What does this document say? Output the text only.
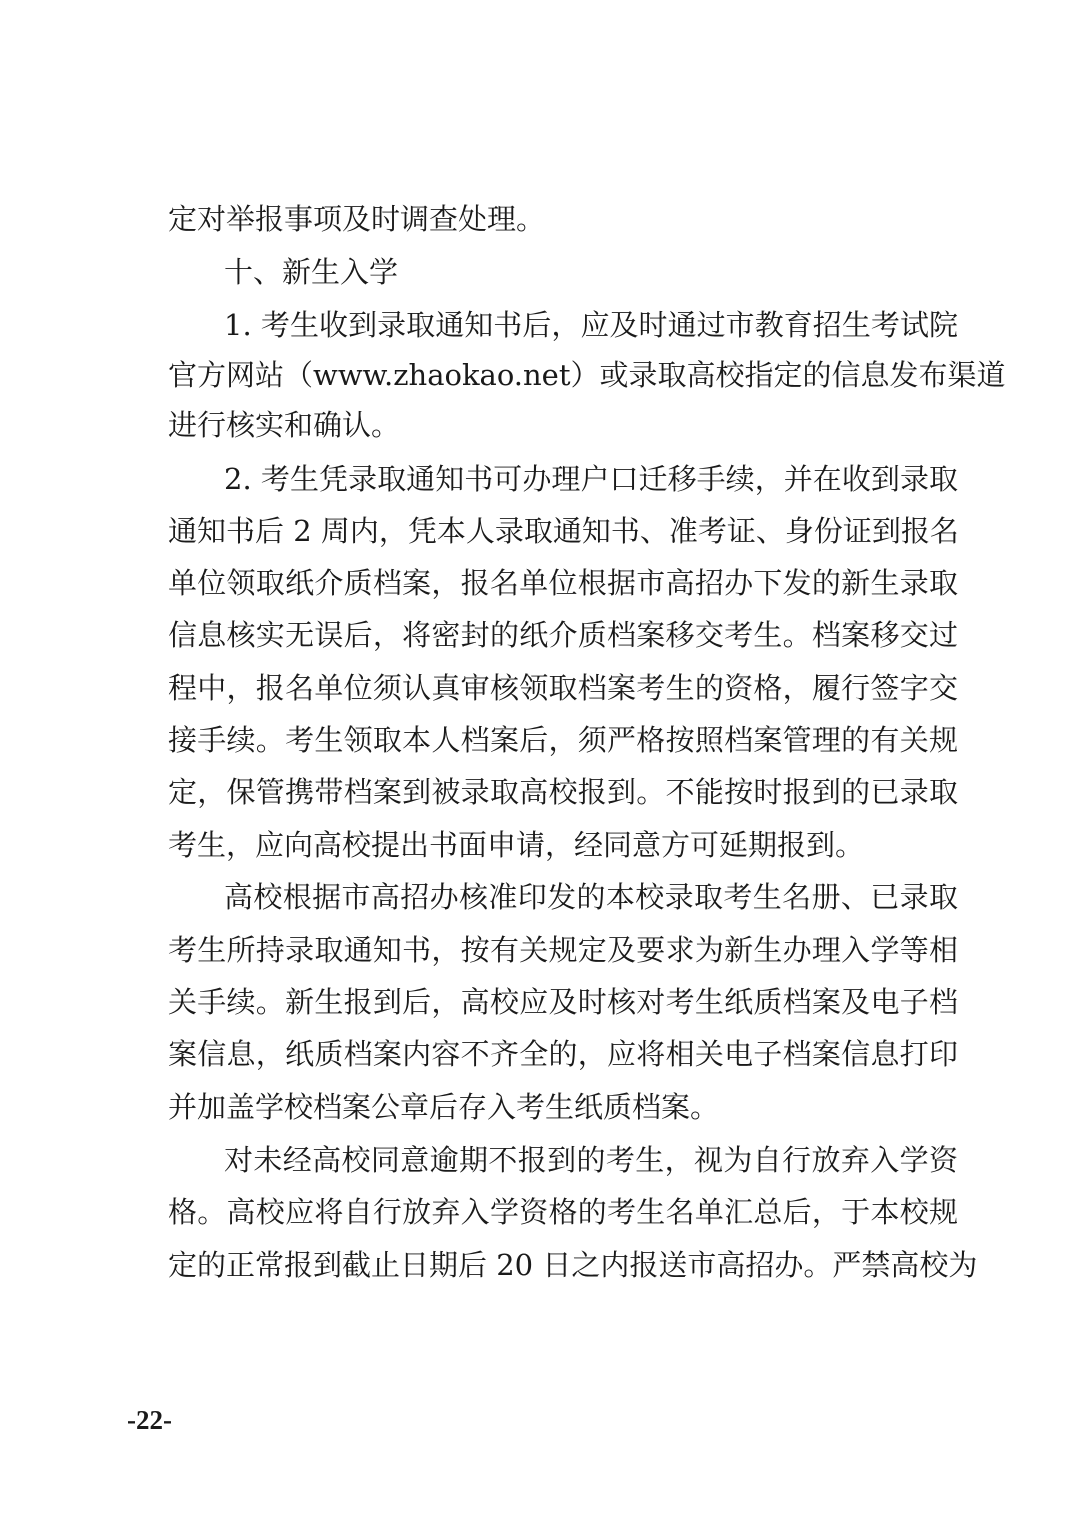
定对举报事项及时调查处理。
十、新生入学
1. 考生收到录取通知书后，应及时通过市教育招生考试院
官方网站（www.zhaokao.net）或录取高校指定的信息发布渠道
进行核实和确认。
2. 考生凭录取通知书可办理户口迁移手续，并在收到录取
通知书后 2 周内，凭本人录取通知书、准考证、身份证到报名
单位领取纸介质档案，报名单位根据市高招办下发的新生录取
信息核实无误后，将密封的纸介质档案移交考生。档案移交过
程中，报名单位须认真审核领取档案考生的资格，履行签字交
接手续。考生领取本人档案后，须严格按照档案管理的有关规
定，保管携带档案到被录取高校报到。不能按时报到的已录取
考生，应向高校提出书面申请，经同意方可延期报到。
高校根据市高招办核准印发的本校录取考生名册、已录取
考生所持录取通知书，按有关规定及要求为新生办理入学等相
关手续。新生报到后，高校应及时核对考生纸质档案及电子档
案信息，纸质档案内容不齐全的，应将相关电子档案信息打印
并加盖学校档案公章后存入考生纸质档案。
对未经高校同意逾期不报到的考生，视为自行放弃入学资
格。高校应将自行放弃入学资格的考生名单汇总后，于本校规
定的正常报到截止日期后 20 日之内报送市高招办。严禁高校为
-22-
